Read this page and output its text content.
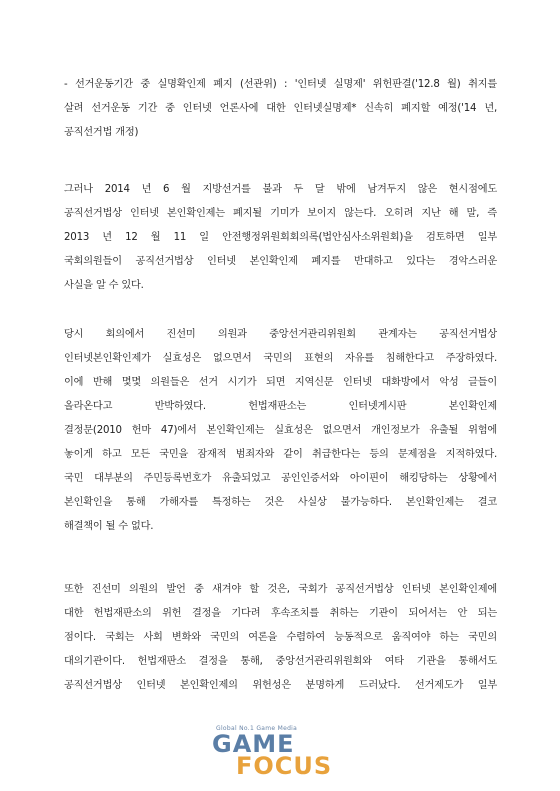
- 선거운동기간 중 실명확인제 폐지 (선관위) : '인터넷 실명제' 위헌판결('12.8 월) 취지를
살려 선거운동 기간 중 인터넷 언론사에 대한 인터넷실명제* 신속히 폐지할 예정('14 년,
공직선거법 개정)
그러나 2014 년 6 월 지방선거를 불과 두 달 밖에 남겨두지 않은 현시점에도
공직선거법상 인터넷 본인확인제는 폐지될 기미가 보이지 않는다. 오히려 지난 해 말, 즉
2013 년 12 월 11 일 안전행정위원회회의록(법안심사소위원회)을 검토하면 일부
국회의원들이 공직선거법상 인터넷 본인확인제 폐지를 반대하고 있다는 경악스러운
사실을 알 수 있다.
당시 회의에서 진선미 의원과 중앙선거관리위원회 관계자는 공직선거법상
인터넷본인확인제가 실효성은 없으면서 국민의 표현의 자유를 침해한다고 주장하였다.
이에 반해 몇몇 의원들은 선거 시기가 되면 지역신문 인터넷 대화방에서 악성 글들이
올라온다고 반박하였다. 헌법재판소는 인터넷게시판 본인확인제
결정문(2010 헌마 47)에서 본인확인제는 실효성은 없으면서 개인정보가 유출될 위험에
놓이게 하고 모든 국민을 잠재적 범죄자와 같이 취급한다는 등의 문제점을 지적하였다.
국민 대부분의 주민등록번호가 유출되었고 공인인증서와 아이핀이 해킹당하는 상황에서
본인확인을 통해 가해자를 특정하는 것은 사실상 불가능하다. 본인확인제는 결코
해결책이 될 수 없다.
또한 진선미 의원의 발언 중 새겨야 할 것은, 국회가 공직선거법상 인터넷 본인확인제에
대한 헌법재판소의 위헌 결정을 기다려 후속조치를 취하는 기관이 되어서는 안 되는
점이다. 국회는 사회 변화와 국민의 여론을 수렴하여 능동적으로 움직여야 하는 국민의
대의기관이다. 헌법재판소 결정을 통해, 중앙선거관리위원회와 여타 기관을 통해서도
공직선거법상 인터넷 본인확인제의 위헌성은 분명하게 드러났다. 선거제도가 일부
Global No.1 Game Media
GAME
FOCUS
